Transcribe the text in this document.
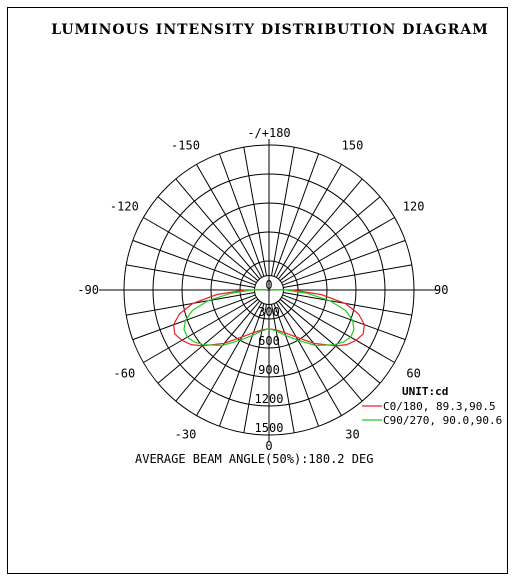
LUMINOUS INTENSITY DISTRIBUTION DIAGRAM
-/+180
150
120
90
60
30
0
-30
-60
-90
-120
-150
0
300
600
900
1200
1500
UNIT:cd
C0/180, 89.3,90.5
C90/270, 90.0,90.6
AVERAGE BEAM ANGLE(50%):180.2 DEG
